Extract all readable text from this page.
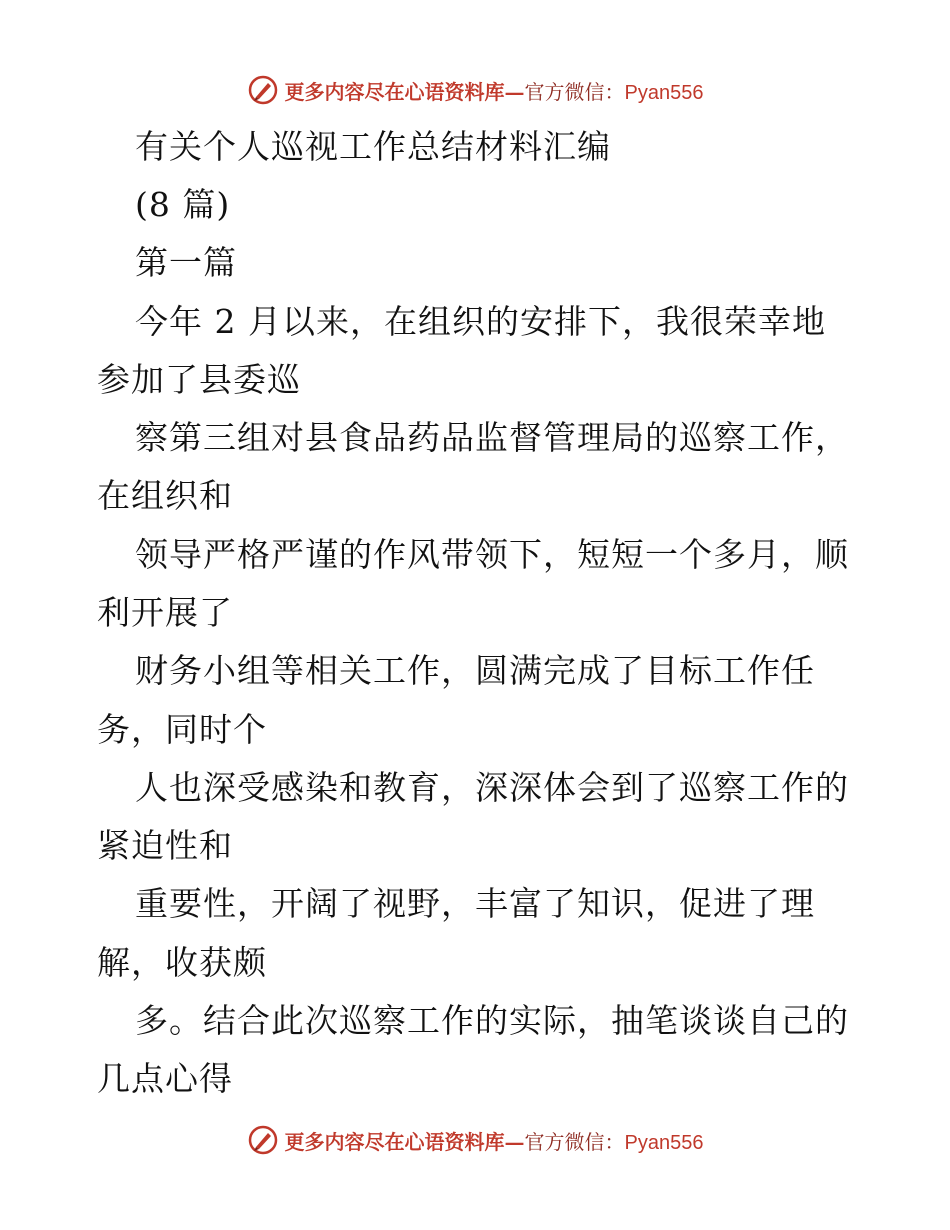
更多内容尽在心语资料库—官方微信：Pyan556
有关个人巡视工作总结材料汇编
(8 篇)
第一篇
今年 2 月以来，在组织的安排下，我很荣幸地
参加了县委巡
察第三组对县食品药品监督管理局的巡察工作，
在组织和
领导严格严谨的作风带领下，短短一个多月，顺
利开展了
财务小组等相关工作，圆满完成了目标工作任
务，同时个
人也深受感染和教育，深深体会到了巡察工作的
紧迫性和
重要性，开阔了视野，丰富了知识，促进了理
解，收获颇
多。结合此次巡察工作的实际，抽笔谈谈自己的
几点心得
更多内容尽在心语资料库—官方微信：Pyan556
